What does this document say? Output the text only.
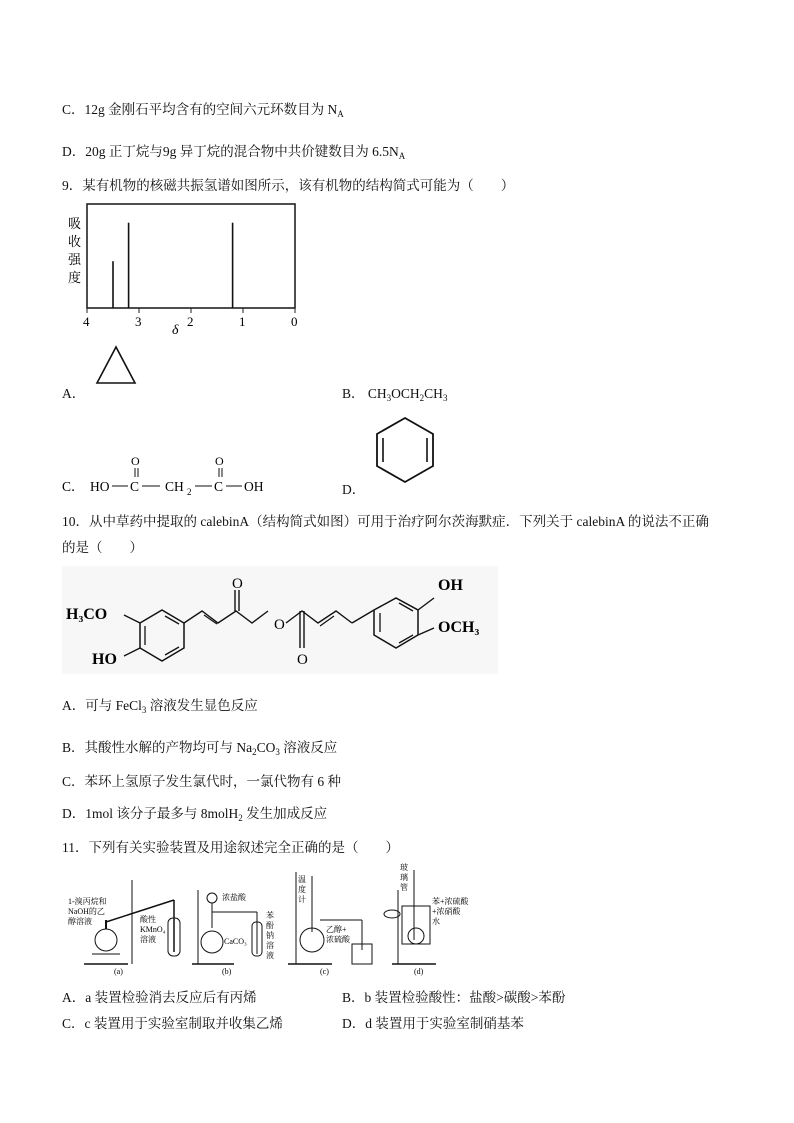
C．12g 金刚石平均含有的空间六元环数目为 $N_A$
D．20g 正丁烷与9g 异丁烷的混合物中共价键数目为 $6.5N_A$
9．某有机物的核磁共振氢谱如图所示，该有机物的结构简式可能为（　　）
吸
收
强
度
4	3	2	1	0
δ
A．	B． $CH_3OCH_2CH_3$
C． HO C
O
CH 2 C
O
OH	D．
10．从中草药中提取的 calebinA（结构简式如图）可用于治疗阿尔茨海默症．下列关于 calebinA 的说法不正确
的是（　　）
H₃CO
HO
O
O
O
OH
OCH₃
A．可与 FeCl$_3$ 溶液发生显色反应
B．其酸性水解的产物均可与 $Na_2CO_3$ 溶液反应
C．苯环上氢原子发生氯代时，一氯代物有 6 种
D．1mol 该分子最多与 8molH$_2$ 发生加成反应
11．下列有关实验装置及用途叙述完全正确的是（　　）
1-溴丙烷和
NaOH的乙
醇溶液	酸性
KMnO₄
溶液
(a)
浓盐酸
CaCO₃
苯
酚
钠
溶
液
(b)
温
度
计
乙醇+
浓硫酸
(c)
玻
璃
管
苯+浓硫酸
+浓硝酸
水
(d)
A．a 装置检验消去反应后有丙烯	B．b 装置检验酸性：盐酸>碳酸>苯酚
C．c 装置用于实验室制取并收集乙烯	D．d 装置用于实验室制硝基苯
